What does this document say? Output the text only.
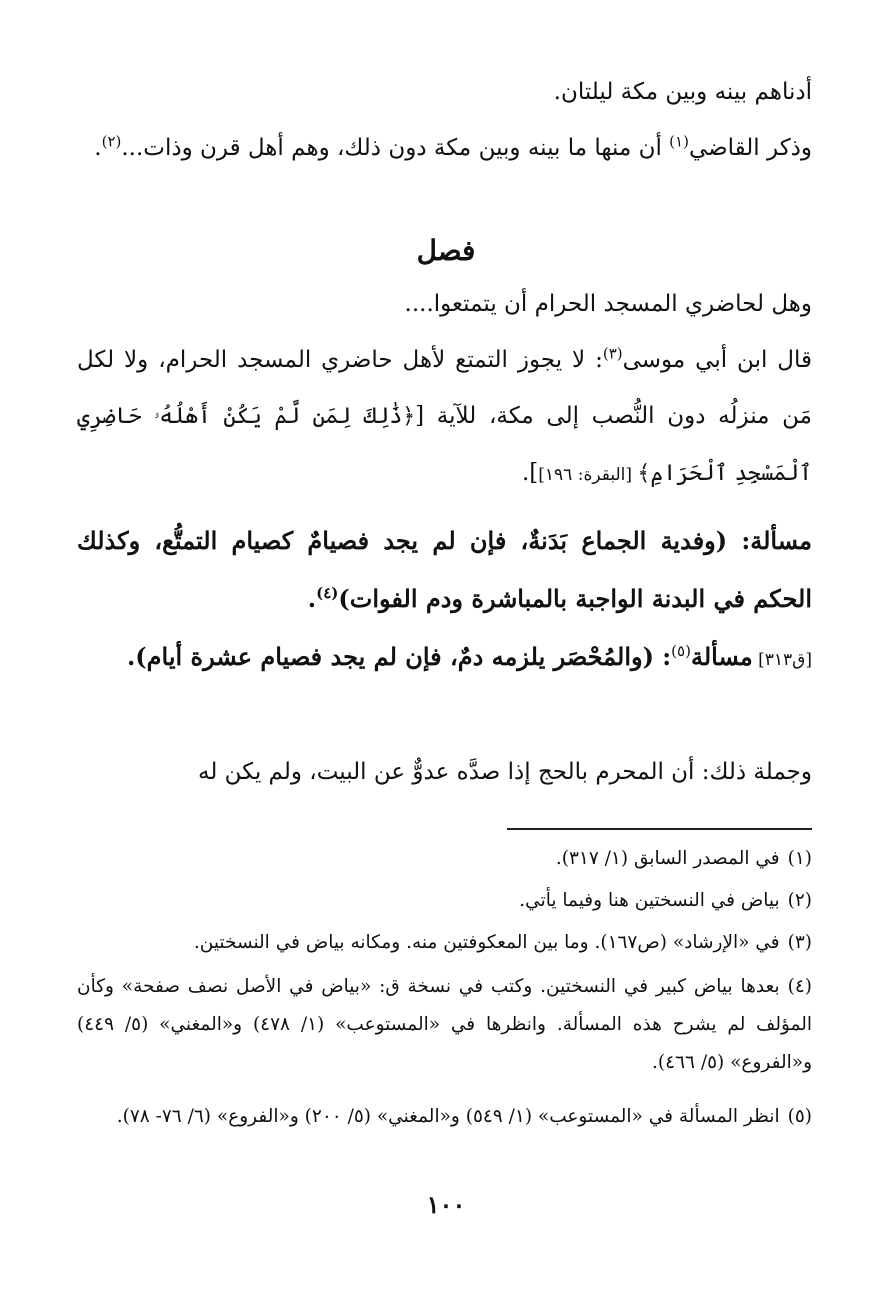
أدناهم بينه وبين مكة ليلتان.
وذكر القاضي$^{(١)}$ أن منها ما بينه وبين مكة دون ذلك، وهم أهل قرن وذات...$^{(٢)}$.
فصل
وهل لحاضري المسجد الحرام أن يتمتعوا....
قال ابن أبي موسى$^{(٣)}$: لا يجوز التمتع لأهل حاضري المسجد الحرام، ولا لكل مَن منزلُه دون النُّصب إلى مكة، للآية [﴿ذَٰلِكَ لِمَن لَّمْ يَكُنْ أَهْلُهُۥ حَاضِرِي ٱلْمَسْجِدِ ٱلْحَرَامِ﴾ [البقرة: ١٩٦]].
مسألة: (وفدية الجماع بَدَنةٌ، فإن لم يجد فصيامٌ كصيام التمتُّع، وكذلك الحكم في البدنة الواجبة بالمباشرة ودم الفوات)$^{(٤)}$.
[ق٣١٣] مسألة$^{(٥)}$: (والمُحْصَر يلزمه دمٌ، فإن لم يجد فصيام عشرة أيام).
وجملة ذلك: أن المحرم بالحج إذا صدَّه عدوٌّ عن البيت، ولم يكن له
(١)في المصدر السابق (١/ ٣١٧).
(٢)بياض في النسختين هنا وفيما يأتي.
(٣)في «الإرشاد» (ص١٦٧). وما بين المعكوفتين منه. ومكانه بياض في النسختين.
(٤)بعدها بياض كبير في النسختين. وكتب في نسخة ق: «بياض في الأصل نصف صفحة» وكأن المؤلف لم يشرح هذه المسألة. وانظرها في «المستوعب» (١/ ٤٧٨) و«المغني» (٥/ ٤٤٩) و«الفروع» (٥/ ٤٦٦).
(٥)انظر المسألة في «المستوعب» (١/ ٥٤٩) و«المغني» (٥/ ٢٠٠) و«الفروع» (٦/ ٧٦- ٧٨).
١٠٠
